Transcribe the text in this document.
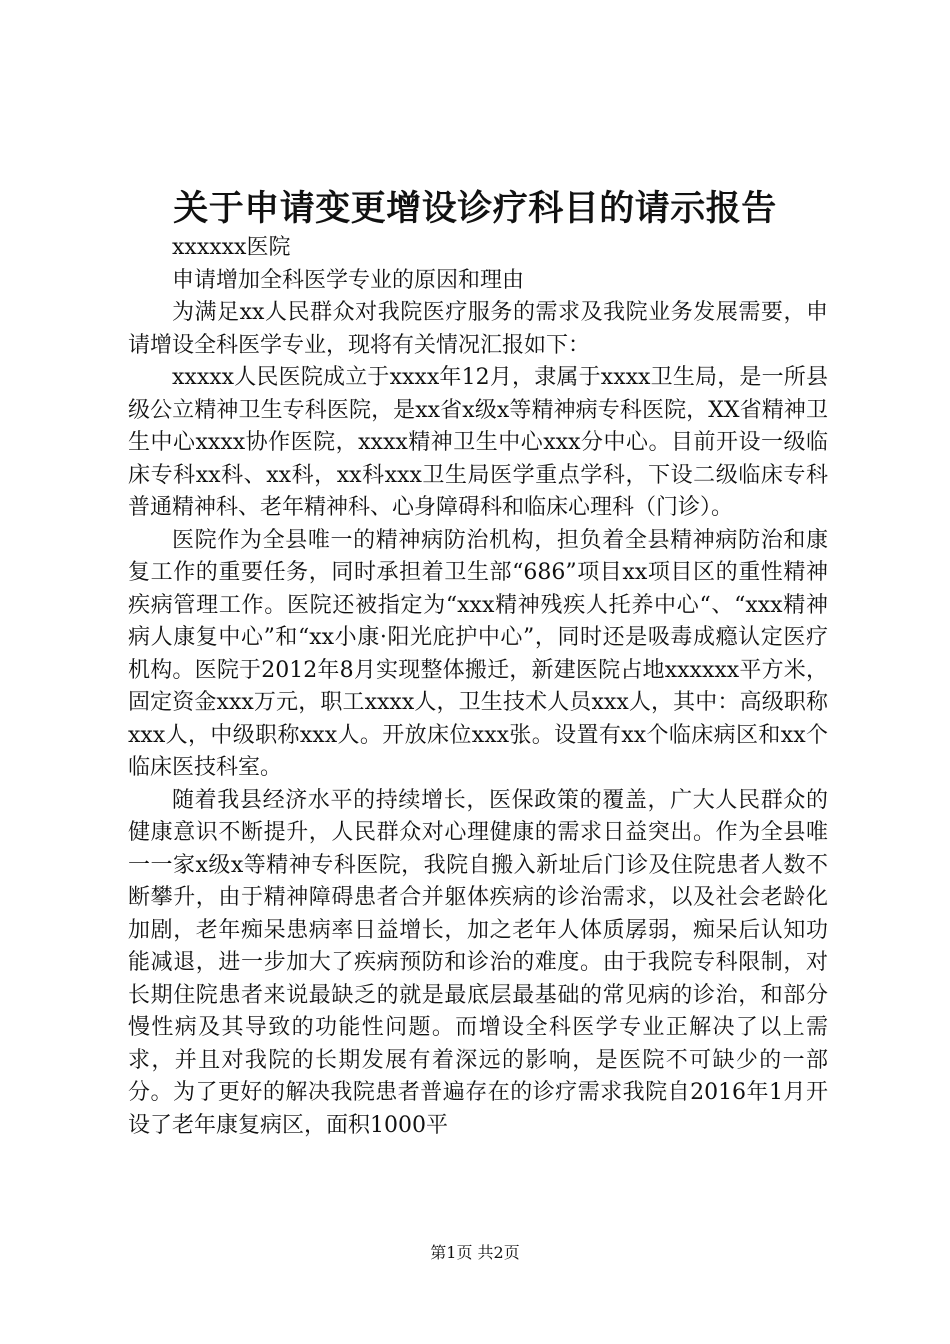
关于申请变更增设诊疗科目的请示报告

xxxxxx医院

申请增加全科医学专业的原因和理由

为满足xx人民群众对我院医疗服务的需求及我院业务发展需要，申请增设全科医学专业，现将有关情况汇报如下：

xxxxx人民医院成立于xxxx年12月，隶属于xxxx卫生局，是一所县级公立精神卫生专科医院，是xx省x级x等精神病专科医院，XX省精神卫生中心xxxx协作医院，xxxx精神卫生中心xxx分中心。目前开设一级临床专科xx科、xx科，xx科xxx卫生局医学重点学科，下设二级临床专科普通精神科、老年精神科、心身障碍科和临床心理科（门诊）。

医院作为全县唯一的精神病防治机构，担负着全县精神病防治和康复工作的重要任务，同时承担着卫生部“686”项目xx项目区的重性精神疾病管理工作。医院还被指定为“xxx精神残疾人托养中心“、“xxx精神病人康复中心”和“xx小康·阳光庇护中心”，同时还是吸毒成瘾认定医疗机构。医院于2012年8月实现整体搬迁，新建医院占地xxxxxx平方米，固定资金xxx万元，职工xxxx人，卫生技术人员xxx人，其中：高级职称xxx人，中级职称xxx人。开放床位xxx张。设置有xx个临床病区和xx个临床医技科室。

随着我县经济水平的持续增长，医保政策的覆盖，广大人民群众的健康意识不断提升，人民群众对心理健康的需求日益突出。作为全县唯一一家x级x等精神专科医院，我院自搬入新址后门诊及住院患者人数不断攀升，由于精神障碍患者合并躯体疾病的诊治需求，以及社会老龄化加剧，老年痴呆患病率日益增长，加之老年人体质孱弱，痴呆后认知功能减退，进一步加大了疾病预防和诊治的难度。由于我院专科限制，对长期住院患者来说最缺乏的就是最底层最基础的常见病的诊治，和部分慢性病及其导致的功能性问题。而增设全科医学专业正解决了以上需求，并且对我院的长期发展有着深远的影响，是医院不可缺少的一部分。为了更好的解决我院患者普遍存在的诊疗需求我院自2016年1月开设了老年康复病区，面积1000平

第1页 共2页
